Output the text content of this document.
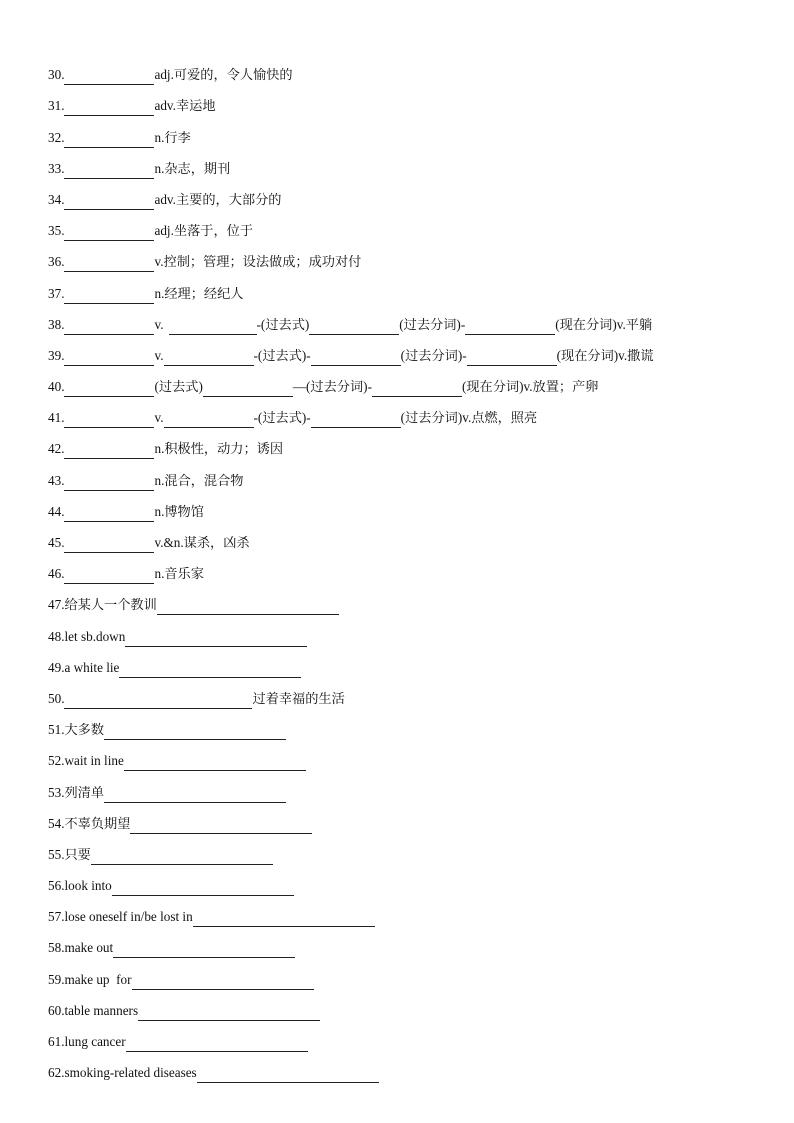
30.	adj.可爱的，令人愉快的
31.	adv.幸运地
32.	n.行李
33.	n.杂志，期刊
34.	adv.主要的，大部分的
35.	adj.坐落于，位于
36.	v.控制；管理；设法做成；成功对付
37.	n.经理；经纪人
38.	v.	-(过去式)	(过去分词)-	(现在分词)v.平躺
39.	v.	-(过去式)-	(过去分词)-	(现在分词)v.撒谎
40.	(过去式)	—(过去分词)-	(现在分词)v.放置；产卵
41.	v.	-(过去式)-	(过去分词)v.点燃，照亮
42.	n.积极性，动力；诱因
43.	n.混合，混合物
44.	n.博物馆
45.	v.&n.谋杀，凶杀
46.	n.音乐家
47. 给某人一个教训
48. let sb.down
49. a white lie
50.	过着幸福的生活
51. 大多数
52. wait in line
53. 列清单
54. 不辜负期望
55. 只要
56. look into
57. lose oneself in/be lost in
58. make out
59. make up  for
60. table manners
61. lung cancer
62. smoking-related diseases
